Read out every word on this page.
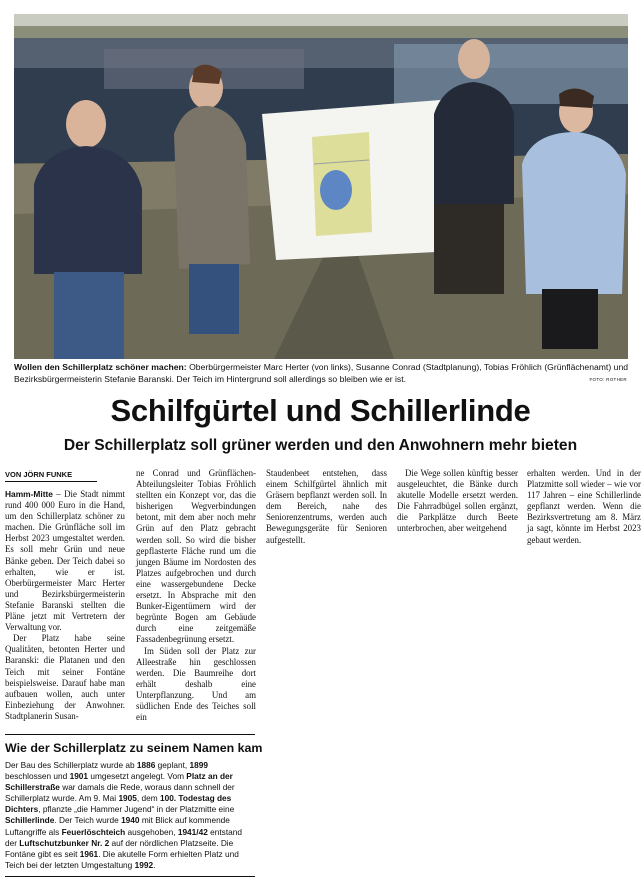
Wollen den Schillerplatz schöner machen: Oberbürgermeister Marc Herter (von links), Susanne Conrad (Stadtplanung), Tobias Fröhlich (Grünflächenamt) und Bezirksbürgermeisterin Stefanie Baranski. Der Teich im Hintergrund soll allerdings so bleiben wie er ist.	FOTO: ROTHER
Schilfgürtel und Schillerlinde
Der Schillerplatz soll grüner werden und den Anwohnern mehr bieten
VON JÖRN FUNKE

Hamm-Mitte – Die Stadt nimmt rund 400 000 Euro in die Hand, um den Schillerplatz schöner zu machen. Die Grünfläche soll im Herbst 2023 umgestaltet werden. Es soll mehr Grün und neue Bänke geben. Der Teich dabei so erhalten, wie er ist. Oberbürgermeister Marc Herter und Bezirksbürgermeisterin Stefanie Baranski stellten die Pläne jetzt mit Vertretern der Verwaltung vor.

Der Platz habe seine Qualitäten, betonten Herter und Baranski: die Platanen und den Teich mit seiner Fontäne beispielsweise. Darauf habe man aufbauen wollen, auch unter Einbeziehung der Anwohner. Stadtplanerin Susan-

ne Conrad und Grünflächen-Abteilungsleiter Tobias Fröhlich stellten ein Konzept vor, das die bisherigen Wegverbindungen betont, mit dem aber noch mehr Grün auf den Platz gebracht werden soll. So wird die bisher gepflasterte Fläche rund um die jungen Bäume im Nordosten des Platzes aufgebrochen und durch eine wassergebundene Decke ersetzt. In Absprache mit den Bunker-Eigentümern wird der begrünte Bogen am Gebäude durch eine zeitgemäße Fassadenbegrünung ersetzt.

Im Süden soll der Platz zur Alleestraße hin geschlossen werden. Die Baumreihe dort erhält deshalb eine Unterpflanzung. Und am südlichen Ende des Teiches soll ein

Staudenbeet entstehen, dass einem Schilfgürtel ähnlich mit Gräsern bepflanzt werden soll. In dem Bereich, nahe des Seniorenzentrums, werden auch Bewegungsgeräte für Senioren aufgestellt.

Die Wege sollen künftig besser ausgeleuchtet, die Bänke durch akutelle Modelle ersetzt werden. Die Fahrradbügel sollen ergänzt, die Parkplätze durch Beete unterbrochen, aber weitgehend

erhalten werden. Und in der Platzmitte soll wieder – wie vor 117 Jahren – eine Schillerlinde gepflanzt werden. Wenn die Bezirksvertretung am 8. März ja sagt, könnte im Herbst 2023 gebaut werden.

Wie der Schillerplatz zu seinem Namen kam

Der Bau des Schillerplatz wurde ab 1886 geplant, 1899 beschlossen und 1901 umgesetzt angelegt. Vom Platz an der Schillerstraße war damals die Rede, woraus dann schnell der Schillerplatz wurde. Am 9. Mai 1905, dem 100. Todestag des Dichters, pflanzte „die Hammer Jugend“ in der Platzmitte eine Schillerlinde. Der Teich wurde 1940 mit Blick auf kommende Luftangriffe als Feuerlöschteich ausgehoben, 1941/42 entstand der Luftschutzbunker Nr. 2 auf der nördlichen Platzseite. Die Fontäne gibt es seit 1961. Die akutelle Form erhielten Platz und Teich bei der letzten Umgestaltung 1992.
